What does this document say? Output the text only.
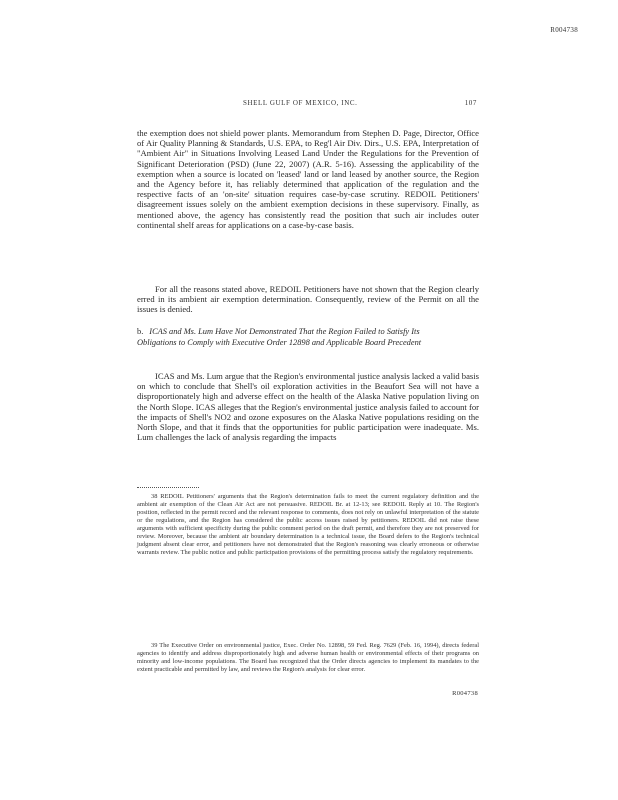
R004738
SHELL GULF OF MEXICO, INC.	107
the exemption does not shield power plants. Memorandum from Stephen D. Page, Director, Office of Air Quality Planning & Standards, U.S. EPA, to Reg'l Air Div. Dirs., U.S. EPA, Interpretation of "Ambient Air" in Situations Involving Leased Land Under the Regulations for the Prevention of Significant Deterioration (PSD) (June 22, 2007) (A.R. 5-16). Assessing the applicability of the exemption when a source is located on 'leased' land or land leased by another source, the Region and the Agency before it, has reliably determined that application of the regulation and the respective facts of an 'on-site' situation requires case-by-case scrutiny. REDOIL Petitioners' disagreement issues solely on the ambient exemption decisions in these supervisory. Finally, as mentioned above, the agency has consistently read the position that such air includes outer continental shelf areas for applications on a case-by-case basis.
For all the reasons stated above, REDOIL Petitioners have not shown that the Region clearly erred in its ambient air exemption determination. Consequently, review of the Permit on all the issues is denied.
b. ICAS and Ms. Lum Have Not Demonstrated That the Region Failed to Satisfy Its Obligations to Comply with Executive Order 12898 and Applicable Board Precedent
ICAS and Ms. Lum argue that the Region's environmental justice analysis lacked a valid basis on which to conclude that Shell's oil exploration activities in the Beaufort Sea will not have a disproportionately high and adverse effect on the health of the Alaska Native population living on the North Slope. ICAS alleges that the Region's environmental justice analysis failed to account for the impacts of Shell's NO2 and ozone exposures on the Alaska Native populations residing on the North Slope, and that it finds that the opportunities for public participation were inadequate. Ms. Lum challenges the lack of analysis regarding the impacts
38 REDOIL Petitioners' arguments that the Region's determination fails to meet the current regulatory definition and the ambient air exemption of the Clean Air Act are not persuasive. REDOIL Br. at 12-13; see REDOIL Reply at 10. The Region's position, reflected in the permit record and the relevant response to comments, does not rely on unlawful interpretation of the statute or the regulations, and the Region has considered the public access issues raised by petitioners. REDOIL did not raise these arguments with sufficient specificity during the public comment period on the draft permit, and therefore they are not preserved for review. Moreover, because the ambient air boundary determination is a technical issue, the Board defers to the Region's technical judgment absent clear error, and petitioners have not demonstrated that the Region's reasoning was clearly erroneous or otherwise warrants review. The public notice and public participation provisions of the permitting process satisfy the regulatory requirements.
39 The Executive Order on environmental justice, Exec. Order No. 12898, 59 Fed. Reg. 7629 (Feb. 16, 1994), directs federal agencies to identify and address disproportionately high and adverse human health or environmental effects of their programs on minority and low-income populations. The Board has recognized that the Order directs agencies to implement its mandates to the extent practicable and permitted by law, and reviews the Region's analysis for clear error.
R004738
